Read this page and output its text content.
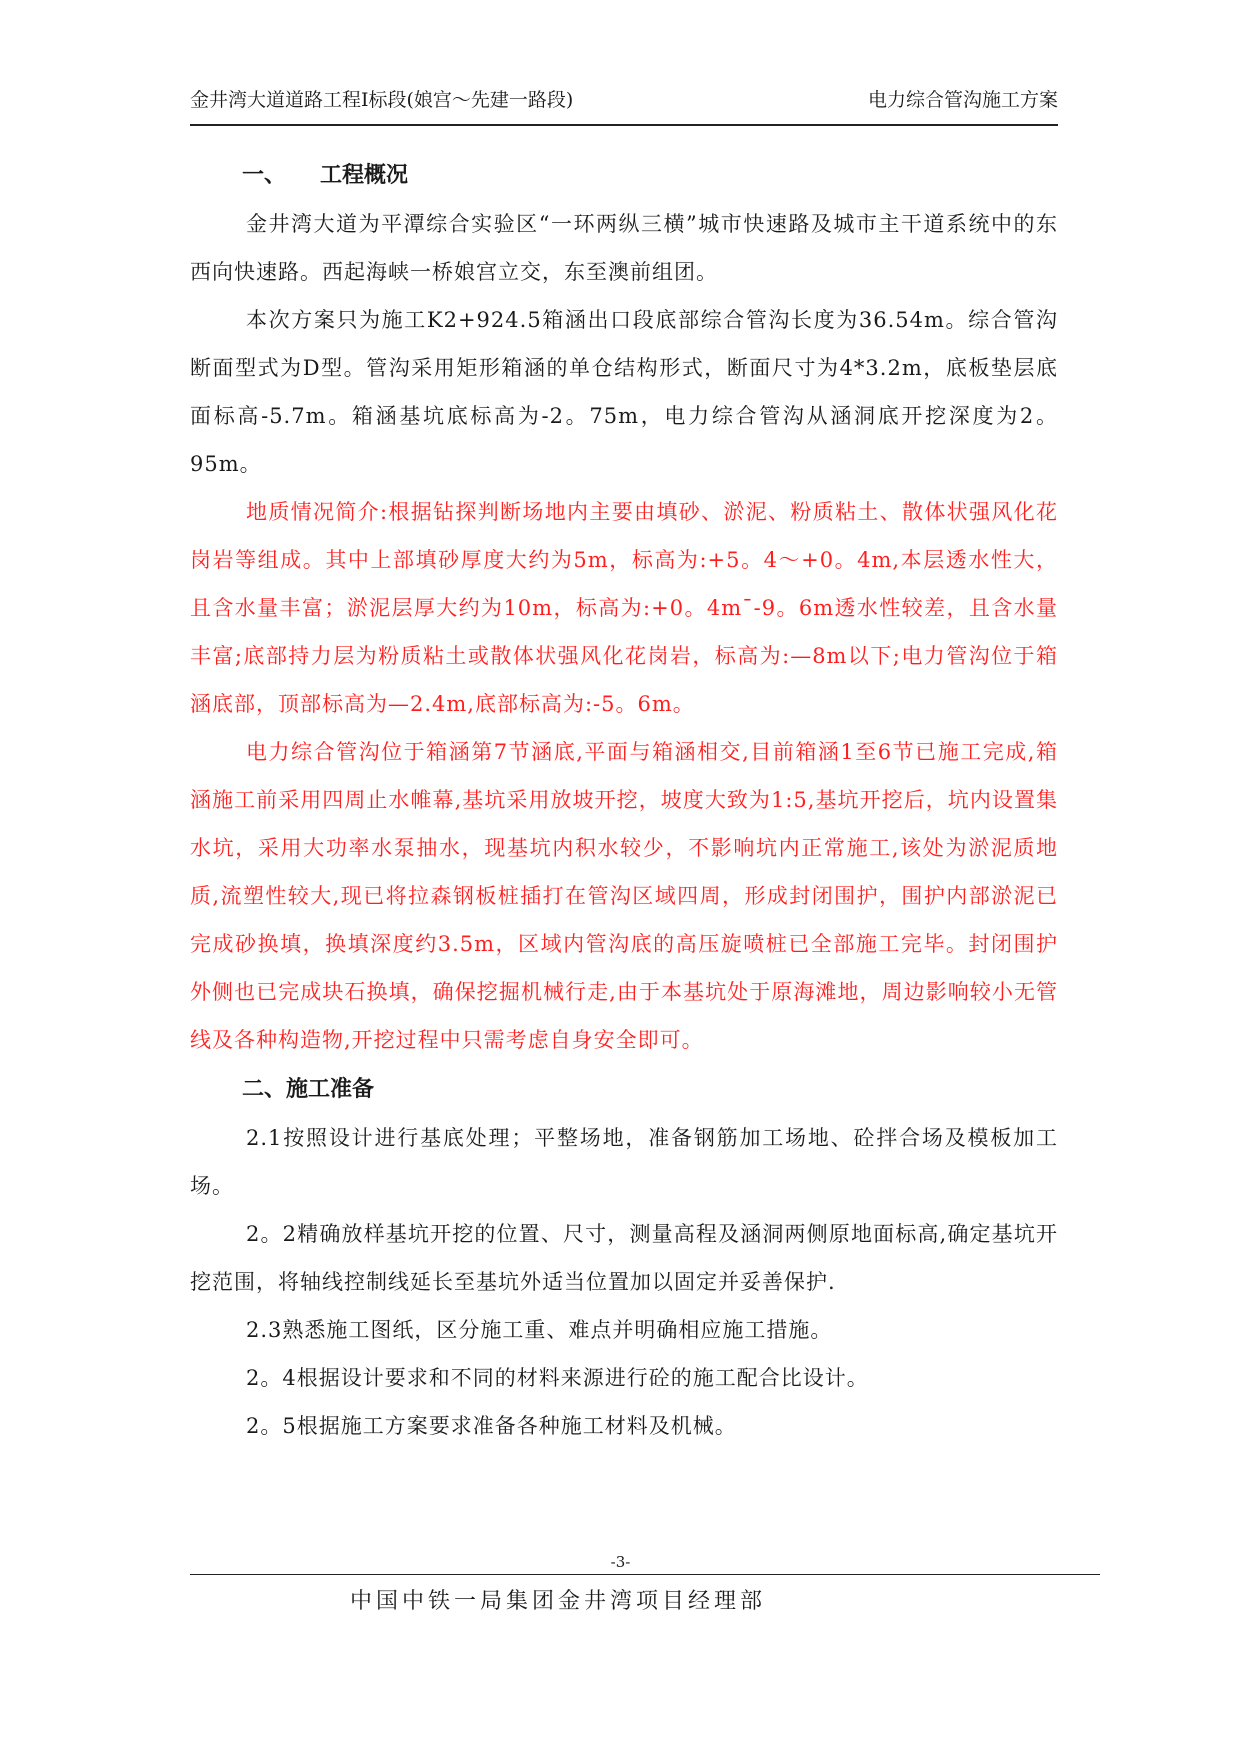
金井湾大道道路工程Ⅰ标段(娘宫～先建一路段)	电力综合管沟施工方案
一、 工程概况

金井湾大道为平潭综合实验区“一环两纵三横”城市快速路及城市主干道系统中的东西向快速路。西起海峡一桥娘宫立交，东至澳前组团。

本次方案只为施工K2+924.5箱涵出口段底部综合管沟长度为36.54m。综合管沟断面型式为D型。管沟采用矩形箱涵的单仓结构形式，断面尺寸为4*3.2m，底板垫层底面标高-5.7m。箱涵基坑底标高为-2。75m，电力综合管沟从涵洞底开挖深度为2。95m。

地质情况简介:根据钻探判断场地内主要由填砂、淤泥、粉质粘土、散体状强风化花岗岩等组成。其中上部填砂厚度大约为5m，标高为:+5。4～+0。4m,本层透水性大，且含水量丰富；淤泥层厚大约为10m，标高为:+0。4m¯-9。6m透水性较差，且含水量丰富;底部持力层为粉质粘土或散体状强风化花岗岩，标高为:—8m以下;电力管沟位于箱涵底部，顶部标高为—2.4m,底部标高为:-5。6m。

电力综合管沟位于箱涵第7节涵底,平面与箱涵相交,目前箱涵1至6节已施工完成,箱涵施工前采用四周止水帷幕,基坑采用放坡开挖，坡度大致为1:5,基坑开挖后，坑内设置集水坑，采用大功率水泵抽水，现基坑内积水较少，不影响坑内正常施工,该处为淤泥质地质,流塑性较大,现已将拉森钢板桩插打在管沟区域四周，形成封闭围护，围护内部淤泥已完成砂换填，换填深度约3.5m，区域内管沟底的高压旋喷桩已全部施工完毕。封闭围护外侧也已完成块石换填，确保挖掘机械行走,由于本基坑处于原海滩地，周边影响较小无管线及各种构造物,开挖过程中只需考虑自身安全即可。

二、施工准备

2.1按照设计进行基底处理；平整场地，准备钢筋加工场地、砼拌合场及模板加工场。

2。2精确放样基坑开挖的位置、尺寸，测量高程及涵洞两侧原地面标高,确定基坑开挖范围，将轴线控制线延长至基坑外适当位置加以固定并妥善保护.

2.3熟悉施工图纸，区分施工重、难点并明确相应施工措施。

2。4根据设计要求和不同的材料来源进行砼的施工配合比设计。

2。5根据施工方案要求准备各种施工材料及机械。

-3-
中国中铁一局集团金井湾项目经理部
